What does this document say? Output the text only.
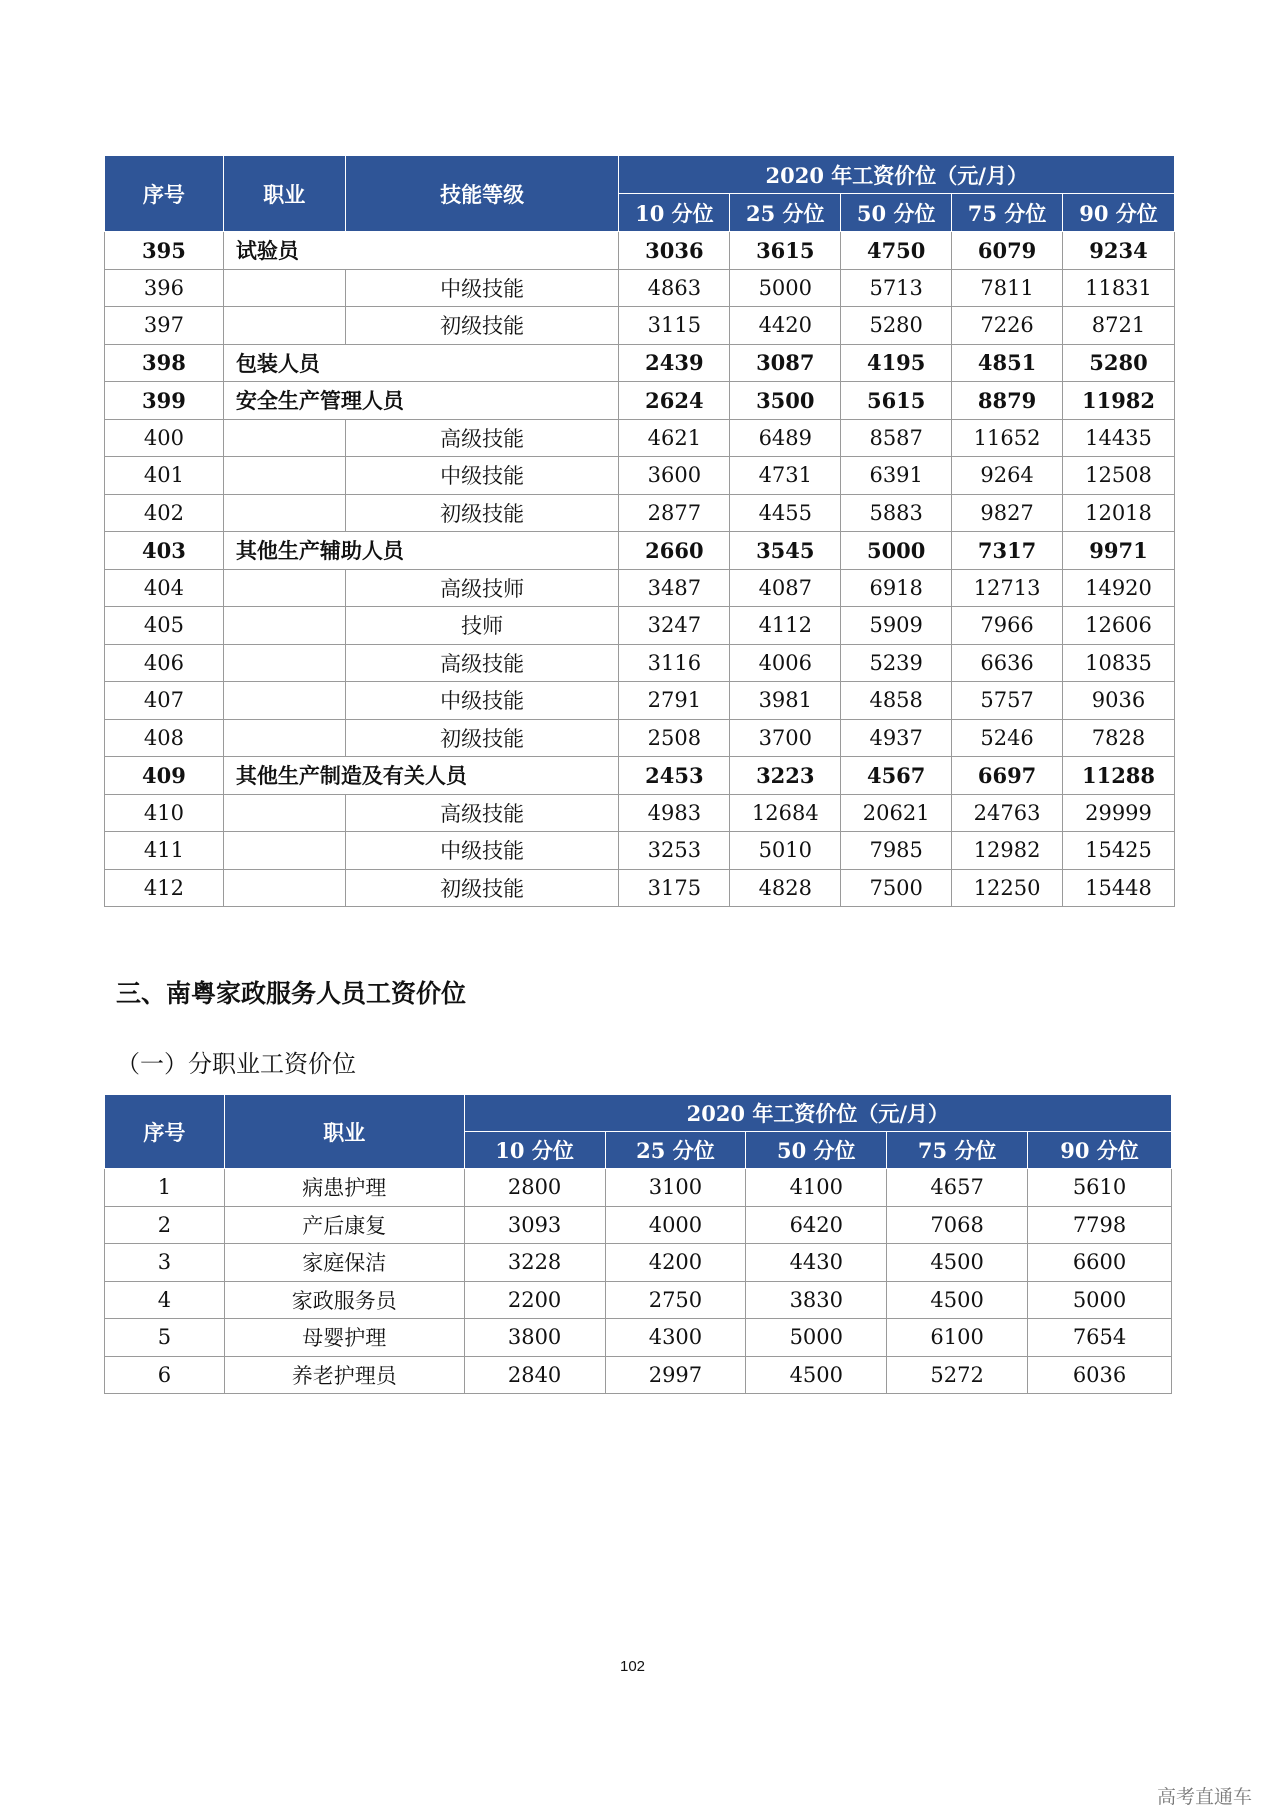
序号	职业	技能等级	2020 年工资价位（元/月）				
			10 分位	25 分位	50 分位	75 分位	90 分位
395	试验员		3036	3615	4750	6079	9234
396		中级技能	4863	5000	5713	7811	11831
397		初级技能	3115	4420	5280	7226	8721
398	包装人员		2439	3087	4195	4851	5280
399	安全生产管理人员		2624	3500	5615	8879	11982
400		高级技能	4621	6489	8587	11652	14435
401		中级技能	3600	4731	6391	9264	12508
402		初级技能	2877	4455	5883	9827	12018
403	其他生产辅助人员		2660	3545	5000	7317	9971
404		高级技师	3487	4087	6918	12713	14920
405		技师	3247	4112	5909	7966	12606
406		高级技能	3116	4006	5239	6636	10835
407		中级技能	2791	3981	4858	5757	9036
408		初级技能	2508	3700	4937	5246	7828
409	其他生产制造及有关人员		2453	3223	4567	6697	11288
410		高级技能	4983	12684	20621	24763	29999
411		中级技能	3253	5010	7985	12982	15425
412		初级技能	3175	4828	7500	12250	15448
三、南粤家政服务人员工资价位
（一）分职业工资价位
序号	职业	2020 年工资价位（元/月）				
		10 分位	25 分位	50 分位	75 分位	90 分位
1	病患护理	2800	3100	4100	4657	5610
2	产后康复	3093	4000	6420	7068	7798
3	家庭保洁	3228	4200	4430	4500	6600
4	家政服务员	2200	2750	3830	4500	5000
5	母婴护理	3800	4300	5000	6100	7654
6	养老护理员	2840	2997	4500	5272	6036
102
高考直通车
